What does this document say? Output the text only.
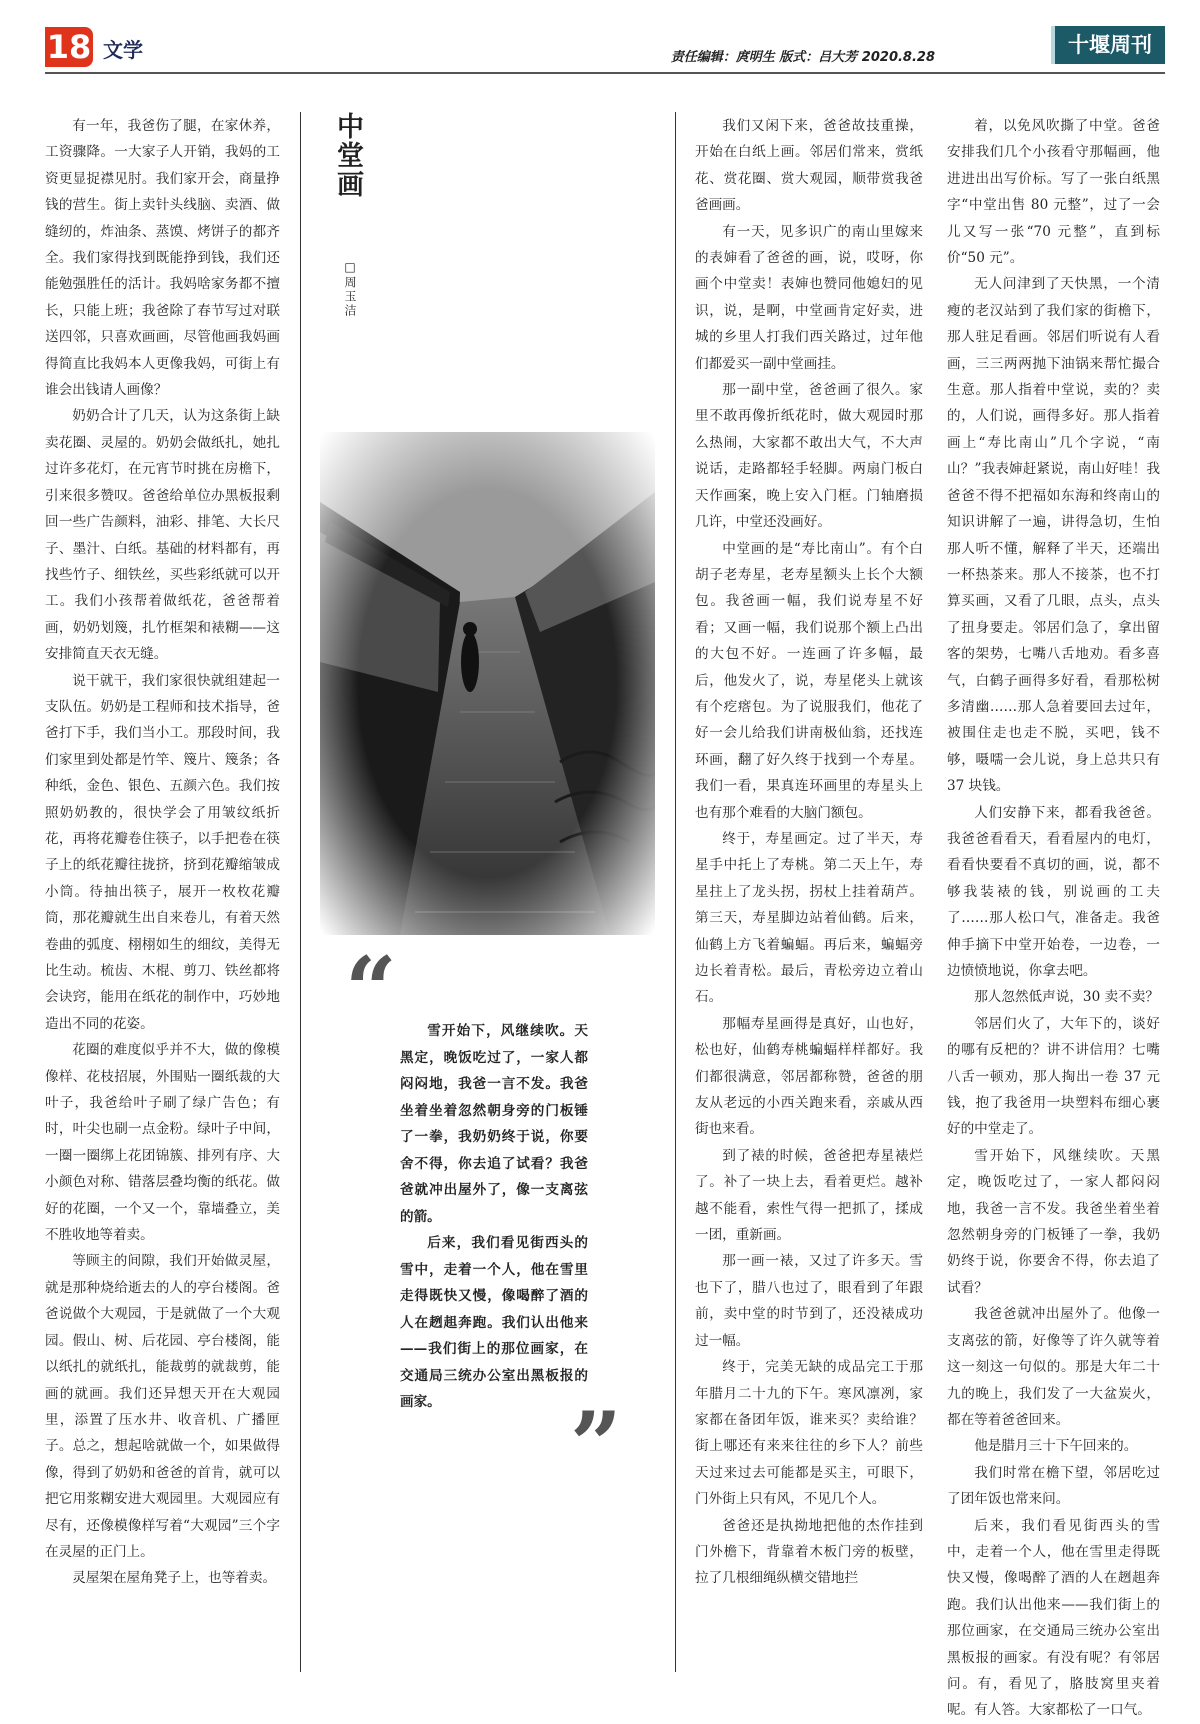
18 文学	责任编辑：庹明生 版式：吕大芳 2020.8.28
十堰周刊

有一年，我爸伤了腿，在家休养，工资骤降。一大家子人开销，我妈的工资更显捉襟见肘。我们家开会，商量挣钱的营生。街上卖针头线脑、卖酒、做缝纫的，炸油条、蒸馍、烤饼子的都齐全。我们家得找到既能挣到钱，我们还能勉强胜任的活计。我妈啥家务都不擅长，只能上班；我爸除了春节写过对联送四邻，只喜欢画画，尽管他画我妈画得简直比我妈本人更像我妈，可街上有谁会出钱请人画像？

奶奶合计了几天，认为这条街上缺卖花圈、灵屋的。奶奶会做纸扎，她扎过许多花灯，在元宵节时挑在房檐下，引来很多赞叹。爸爸给单位办黑板报剩回一些广告颜料，油彩、排笔、大长尺子、墨汁、白纸。基础的材料都有，再找些竹子、细铁丝，买些彩纸就可以开工。我们小孩帮着做纸花，爸爸帮着画，奶奶划篾，扎竹框架和裱糊——这安排简直天衣无缝。

说干就干，我们家很快就组建起一支队伍。奶奶是工程师和技术指导，爸爸打下手，我们当小工。那段时间，我们家里到处都是竹竿、篾片、篾条；各种纸，金色、银色、五颜六色。我们按照奶奶教的，很快学会了用皱纹纸折花，再将花瓣卷住筷子，以手把卷在筷子上的纸花瓣往拢挤，挤到花瓣缩皱成小筒。待抽出筷子，展开一枚枚花瓣筒，那花瓣就生出自来卷儿，有着天然卷曲的弧度、栩栩如生的细纹，美得无比生动。梳齿、木棍、剪刀、铁丝都将会诀窍，能用在纸花的制作中，巧妙地造出不同的花姿。

花圈的难度似乎并不大，做的像模像样、花枝招展，外围贴一圈纸裁的大叶子，我爸给叶子刷了绿广告色；有时，叶尖也刷一点金粉。绿叶子中间，一圈一圈绑上花团锦簇、排列有序、大小颜色对称、错落层叠均衡的纸花。做好的花圈，一个又一个，靠墙叠立，美不胜收地等着卖。

等顾主的间隙，我们开始做灵屋，就是那种烧给逝去的人的亭台楼阁。爸爸说做个大观园，于是就做了一个大观园。假山、树、后花园、亭台楼阁，能以纸扎的就纸扎，能裁剪的就裁剪，能画的就画。我们还异想天开在大观园里，添置了压水井、收音机、广播匣子。总之，想起啥就做一个，如果做得像，得到了奶奶和爸爸的首肯，就可以把它用浆糊安进大观园里。大观园应有尽有，还像模像样写着“大观园”三个字在灵屋的正门上。

灵屋架在屋角凳子上，也等着卖。

中堂画
□周玉洁
“	雪开始下，风继续吹。天黑定，晚饭吃过了，一家人都闷闷地，我爸一言不发。我爸坐着坐着忽然朝身旁的门板锤了一拳，我奶奶终于说，你要舍不得，你去追了试看？我爸爸就冲出屋外了，像一支离弦的箭。

后来，我们看见街西头的雪中，走着一个人，他在雪里走得既快又慢，像喝醉了酒的人在趔趄奔跑。我们认出他来——我们街上的那位画家，在交通局三统办公室出黑板报的画家。	”

我们又闲下来，爸爸故技重操，开始在白纸上画。邻居们常来，赏纸花、赏花圈、赏大观园，顺带赏我爸爸画画。

有一天，见多识广的南山里嫁来的表婶看了爸爸的画，说，哎呀，你画个中堂卖！表婶也赞同他媳妇的见识，说，是啊，中堂画肯定好卖，进城的乡里人打我们西关路过，过年他们都爱买一副中堂画挂。

那一副中堂，爸爸画了很久。家里不敢再像折纸花时，做大观园时那么热闹，大家都不敢出大气，不大声说话，走路都轻手轻脚。两扇门板白天作画案，晚上安入门框。门轴磨损几许，中堂还没画好。

中堂画的是“寿比南山”。有个白胡子老寿星，老寿星额头上长个大额包。我爸画一幅，我们说寿星不好看；又画一幅，我们说那个额上凸出的大包不好。一连画了许多幅，最后，他发火了，说，寿星佬头上就该有个疙瘩包。为了说服我们，他花了好一会儿给我们讲南极仙翁，还找连环画，翻了好久终于找到一个寿星。我们一看，果真连环画里的寿星头上也有那个难看的大脑门额包。

终于，寿星画定。过了半天，寿星手中托上了寿桃。第二天上午，寿星拄上了龙头拐，拐杖上挂着葫芦。第三天，寿星脚边站着仙鹤。后来，仙鹤上方飞着蝙蝠。再后来，蝙蝠旁边长着青松。最后，青松旁边立着山石。

那幅寿星画得是真好，山也好，松也好，仙鹤寿桃蝙蝠样样都好。我们都很满意，邻居都称赞，爸爸的朋友从老远的小西关跑来看，亲戚从西街也来看。

到了裱的时候，爸爸把寿星裱烂了。补了一块上去，看着更烂。越补越不能看，索性气得一把抓了，揉成一团，重新画。

那一画一裱，又过了许多天。雪也下了，腊八也过了，眼看到了年跟前，卖中堂的时节到了，还没裱成功过一幅。

终于，完美无缺的成品完工于那年腊月二十九的下午。寒风凛冽，家家都在备团年饭，谁来买？卖给谁？街上哪还有来来往往的乡下人？前些天过来过去可能都是买主，可眼下，门外街上只有风，不见几个人。

爸爸还是执拗地把他的杰作挂到门外檐下，背靠着木板门旁的板壁，拉了几根细绳纵横交错地拦

着，以免风吹撕了中堂。爸爸安排我们几个小孩看守那幅画，他进进出出写价标。写了一张白纸黑字“中堂出售 80 元整”，过了一会儿又写一张“70 元整”，直到标价“50 元”。

无人问津到了天快黑，一个清瘦的老汉站到了我们家的街檐下，那人驻足看画。邻居们听说有人看画，三三两两抛下油锅来帮忙撮合生意。那人指着中堂说，卖的？卖的，人们说，画得多好。那人指着画上“寿比南山”几个字说，“南山？”我表婶赶紧说，南山好哇！我爸爸不得不把福如东海和终南山的知识讲解了一遍，讲得急切，生怕那人听不懂，解释了半天，还端出一杯热茶来。那人不接茶，也不打算买画，又看了几眼，点头，点头了扭身要走。邻居们急了，拿出留客的架势，七嘴八舌地劝。看多喜气，白鹤子画得多好看，看那松树多清幽……那人急着要回去过年，被围住走也走不脱，买吧，钱不够，嗫嚅一会儿说，身上总共只有 37 块钱。

人们安静下来，都看我爸爸。我爸爸看看天，看看屋内的电灯，看看快要看不真切的画，说，都不够我装裱的钱，别说画的工夫了……那人松口气，准备走。我爸伸手摘下中堂开始卷，一边卷，一边愤愤地说，你拿去吧。

那人忽然低声说，30 卖不卖？

邻居们火了，大年下的，谈好的哪有反杷的？讲不讲信用？七嘴八舌一顿劝，那人掏出一卷 37 元钱，抱了我爸用一块塑料布细心裹好的中堂走了。

雪开始下，风继续吹。天黑定，晚饭吃过了，一家人都闷闷地，我爸一言不发。我爸坐着坐着忽然朝身旁的门板锤了一拳，我奶奶终于说，你要舍不得，你去追了试看？

我爸爸就冲出屋外了。他像一支离弦的箭，好像等了许久就等着这一刻这一句似的。那是大年二十九的晚上，我们发了一大盆炭火，都在等着爸爸回来。

他是腊月三十下午回来的。

我们时常在檐下望，邻居吃过了团年饭也常来问。

后来，我们看见街西头的雪中，走着一个人，他在雪里走得既快又慢，像喝醉了酒的人在趔趄奔跑。我们认出他来——我们街上的那位画家，在交通局三统办公室出黑板报的画家。有没有呢？有邻居问。有，看见了，胳肢窝里夹着呢。有人答。大家都松了一口气。
